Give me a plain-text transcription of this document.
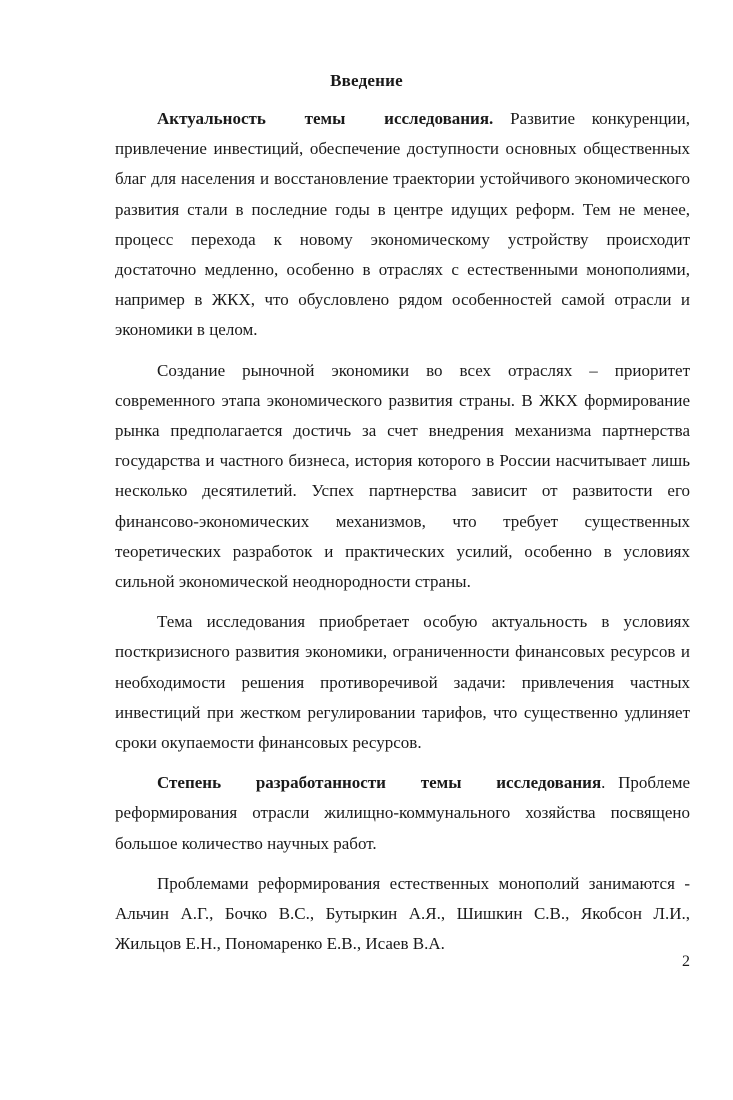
Введение

Актуальность темы исследования. Развитие конкуренции, привлечение инвестиций, обеспечение доступности основных общественных благ для населения и восстановление траектории устойчивого экономического развития стали в последние годы в центре идущих реформ. Тем не менее, процесс перехода к новому экономическому устройству происходит достаточно медленно, особенно в отраслях с естественными монополиями, например в ЖКХ, что обусловлено рядом особенностей самой отрасли и экономики в целом.

Создание рыночной экономики во всех отраслях – приоритет современного этапа экономического развития страны. В ЖКХ формирование рынка предполагается достичь за счет внедрения механизма партнерства государства и частного бизнеса, история которого в России насчитывает лишь несколько десятилетий. Успех партнерства зависит от развитости его финансово-экономических механизмов, что требует существенных теоретических разработок и практических усилий, особенно в условиях сильной экономической неоднородности страны.

Тема исследования приобретает особую актуальность в условиях посткризисного развития экономики, ограниченности финансовых ресурсов и необходимости решения противоречивой задачи: привлечения частных инвестиций при жестком регулировании тарифов, что существенно удлиняет сроки окупаемости финансовых ресурсов.

Степень разработанности темы исследования. Проблеме реформирования отрасли жилищно-коммунального хозяйства посвящено большое количество научных работ.

Проблемами реформирования естественных монополий занимаются - Альчин А.Г., Бочко В.С., Бутыркин А.Я., Шишкин С.В., Якобсон Л.И., Жильцов Е.Н., Пономаренко Е.В., Исаев В.А.

2
